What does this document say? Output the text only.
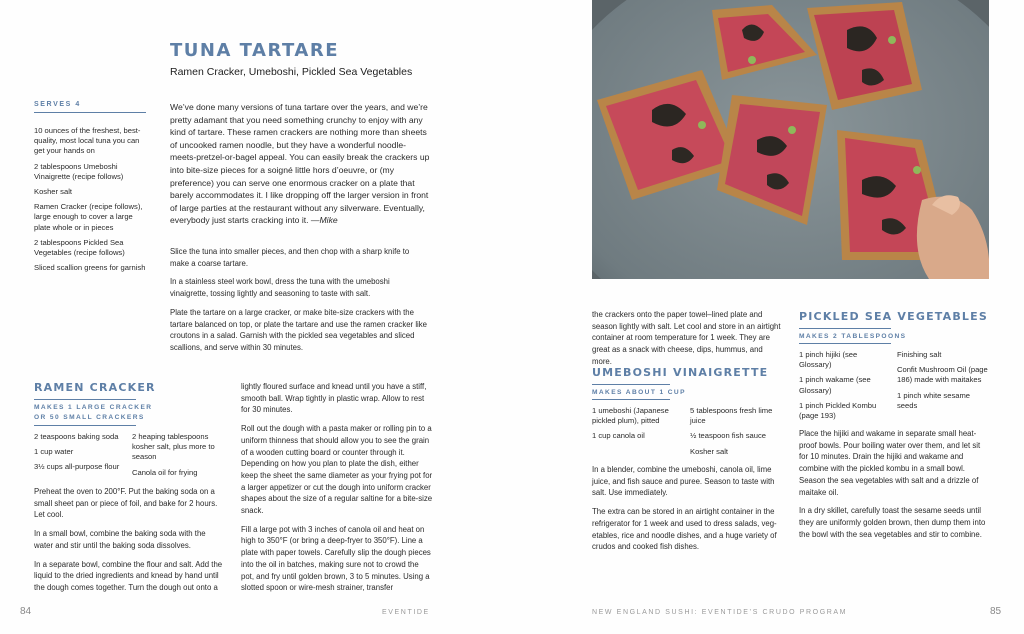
TUNA TARTARE
Ramen Cracker, Umeboshi, Pickled Sea Vegetables
SERVES 4

10 ounces of the freshest, best-quality, most local tuna you can get your hands on

2 tablespoons Umeboshi Vinaigrette (recipe follows)

Kosher salt

Ramen Cracker (recipe follows), large enough to cover a large plate whole or in pieces

2 tablespoons Pickled Sea Vegetables (recipe follows)

Sliced scallion greens for garnish

We’ve done many versions of tuna tartare over the years, and we’re pretty adamant that you need something crunchy to enjoy with any kind of tartare. These ramen crackers are nothing more than sheets of uncooked ramen noodle, but they have a wonderful noodle-meets-pretzel-or-bagel appeal. You can easily break the crackers up into bite-size pieces for a soigné little hors d’oeuvre, or (my preference) you can serve one enormous cracker on a plate that barely accommodates it. I like dropping off the larger version in front of large parties at the restaurant without any silverware. Eventually, everybody just starts cracking into it. —Mike

Slice the tuna into smaller pieces, and then chop with a sharp knife to make a coarse tartare.

In a stainless steel work bowl, dress the tuna with the umeboshi vinaigrette, tossing lightly and seasoning to taste with salt.

Plate the tartare on a large cracker, or make bite-size crackers with the tartare balanced on top, or plate the tartare and use the ramen cracker like croutons in a salad. Garnish with the pickled sea vegetables and sliced scallions, and serve within 30 minutes.

RAMEN CRACKER
MAKES 1 LARGE CRACKER
OR 50 SMALL CRACKERS

2 teaspoons baking soda

1 cup water

3½ cups all-purpose flour

2 heaping tablespoons kosher salt, plus more to season

Canola oil for frying

Preheat the oven to 200°F. Put the baking soda on a small sheet pan or piece of foil, and bake for 2 hours. Let cool.

In a small bowl, combine the baking soda with the water and stir until the baking soda dissolves.

In a separate bowl, combine the flour and salt. Add the liquid to the dried ingredients and knead by hand until the dough comes together. Turn the dough out onto a

lightly floured surface and knead until you have a stiff, smooth ball. Wrap tightly in plastic wrap. Allow to rest for 30 minutes.

Roll out the dough with a pasta maker or rolling pin to a uniform thinness that should allow you to see the grain of a wooden cutting board or counter through it. Depending on how you plan to plate the dish, either keep the sheet the same diameter as your frying pot for a larger appetizer or cut the dough into uniform cracker shapes about the size of a regular saltine for a bite-size snack.

Fill a large pot with 3 inches of canola oil and heat on high to 350°F (or bring a deep-fryer to 350°F). Line a plate with paper towels. Carefully slip the dough pieces into the oil in batches, making sure not to crowd the pot, and fry until golden brown, 3 to 5 minutes. Using a slotted spoon or wire-mesh strainer, transfer

the crackers onto the paper towel–lined plate and season lightly with salt. Let cool and store in an airtight container at room temperature for 1 week. They are great as a snack with cheese, dips, hummus, and more.

UMEBOSHI VINAIGRETTE
MAKES ABOUT 1 CUP

1 umeboshi (Japanese pickled plum), pitted

1 cup canola oil

5 tablespoons fresh lime juice

½ teaspoon fish sauce

Kosher salt

In a blender, combine the umeboshi, canola oil, lime juice, and fish sauce and puree. Season to taste with salt. Use immediately.

The extra can be stored in an airtight container in the refrigerator for 1 week and used to dress salads, veg- etables, rice and noodle dishes, and a huge variety of crudos and cooked fish dishes.

PICKLED SEA VEGETABLES
MAKES 2 TABLESPOONS

1 pinch hijiki (see Glossary)

1 pinch wakame (see Glossary)

1 pinch Pickled Kombu (page 193)

Finishing salt

Confit Mushroom Oil (page 186) made with maitakes

1 pinch white sesame seeds

Place the hijiki and wakame in separate small heat-proof bowls. Pour boiling water over them, and let sit for 10 minutes. Drain the hijiki and wakame and combine with the pickled kombu in a small bowl. Season the sea vegetables with salt and a drizzle of maitake oil.

In a dry skillet, carefully toast the sesame seeds until they are uniformly golden brown, then dump them into the bowl with the sea vegetables and stir to combine.

84	EVENTIDE	NEW ENGLAND SUSHI: EVENTIDE’S CRUDO PROGRAM	85
